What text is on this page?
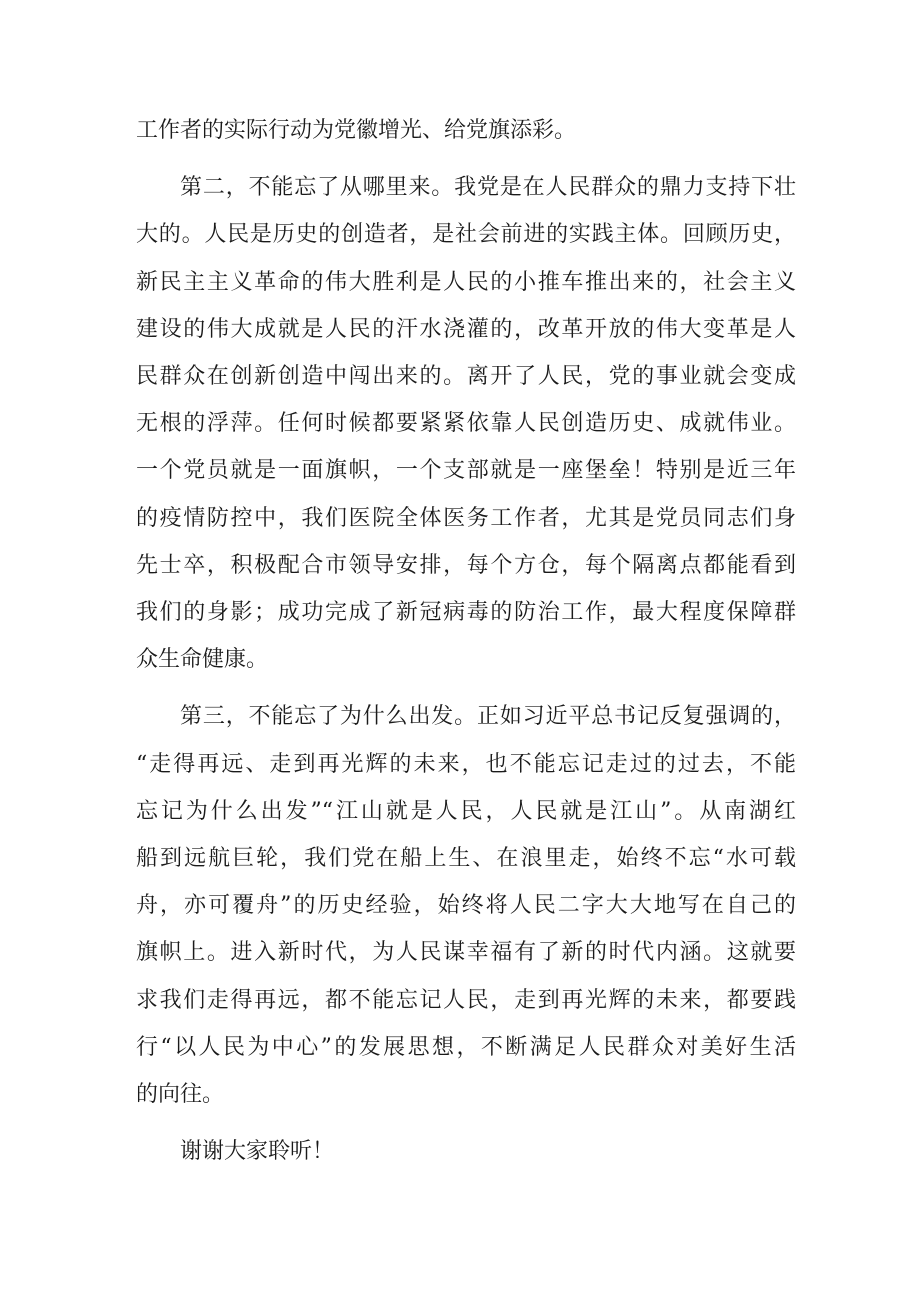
工作者的实际行动为党徽增光、给党旗添彩。
第二，不能忘了从哪里来。我党是在人民群众的鼎力支持下壮
大的。人民是历史的创造者，是社会前进的实践主体。回顾历史，
新民主主义革命的伟大胜利是人民的小推车推出来的，社会主义
建设的伟大成就是人民的汗水浇灌的，改革开放的伟大变革是人
民群众在创新创造中闯出来的。离开了人民，党的事业就会变成
无根的浮萍。任何时候都要紧紧依靠人民创造历史、成就伟业。
一个党员就是一面旗帜，一个支部就是一座堡垒！特别是近三年
的疫情防控中，我们医院全体医务工作者，尤其是党员同志们身
先士卒，积极配合市领导安排，每个方仓，每个隔离点都能看到
我们的身影；成功完成了新冠病毒的防治工作，最大程度保障群
众生命健康。
第三，不能忘了为什么出发。正如习近平总书记反复强调的，
“走得再远、走到再光辉的未来，也不能忘记走过的过去，不能
忘记为什么出发”“江山就是人民，人民就是江山”。从南湖红
船到远航巨轮，我们党在船上生、在浪里走，始终不忘“水可载
舟，亦可覆舟”的历史经验，始终将人民二字大大地写在自己的
旗帜上。进入新时代，为人民谋幸福有了新的时代内涵。这就要
求我们走得再远，都不能忘记人民，走到再光辉的未来，都要践
行“以人民为中心”的发展思想，不断满足人民群众对美好生活
的向往。
谢谢大家聆听！
